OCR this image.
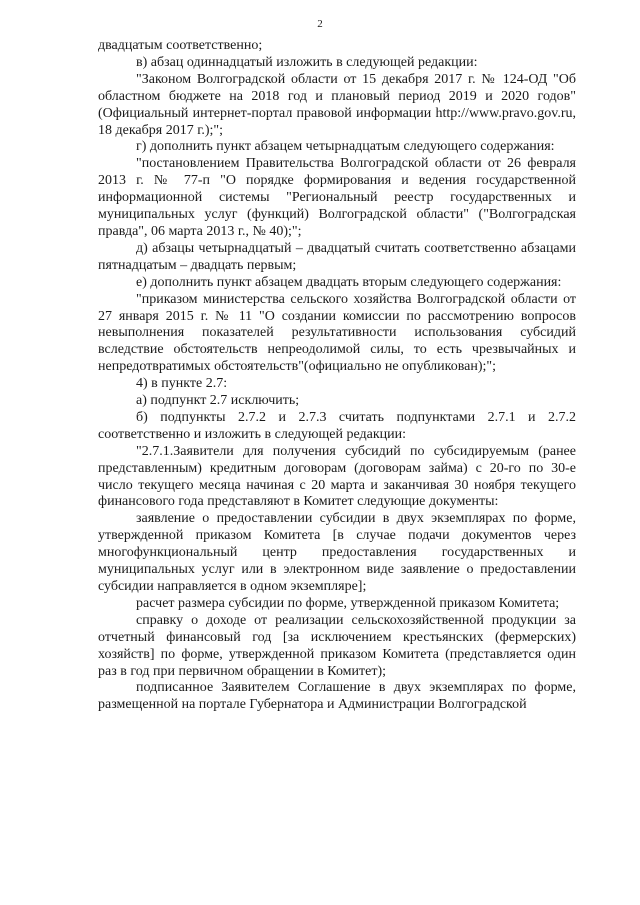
2

двадцатым соответственно;

в) абзац одиннадцатый изложить в следующей редакции:

"Законом Волгоградской области от 15 декабря 2017 г. № 124-ОД "Об областном бюджете на 2018 год и плановый период 2019 и 2020 годов" (Официальный интернет-портал правовой информации http://www.pravo.gov.ru, 18 декабря 2017 г.);";

г) дополнить пункт абзацем четырнадцатым следующего содержания:

"постановлением Правительства Волгоградской области от 26 февраля 2013 г. № 77-п "О порядке формирования и ведения государственной информационной системы "Региональный реестр государственных и муниципальных услуг (функций) Волгоградской области" ("Волгоградская правда", 06 марта 2013 г., № 40);";

д) абзацы четырнадцатый – двадцатый считать соответственно абзацами пятнадцатым – двадцать первым;

е) дополнить пункт абзацем двадцать вторым следующего содержания:

"приказом министерства сельского хозяйства Волгоградской области от 27 января 2015 г. № 11 "О создании комиссии по рассмотрению вопросов невыполнения показателей результативности использования субсидий вследствие обстоятельств непреодолимой силы, то есть чрезвычайных и непредотвратимых обстоятельств"(официально не опубликован);";

4) в пункте 2.7:

а) подпункт 2.7 исключить;

б) подпункты 2.7.2 и 2.7.3 считать подпунктами 2.7.1 и 2.7.2 соответственно и изложить в следующей редакции:

"2.7.1.Заявители для получения субсидий по субсидируемым (ранее представленным) кредитным договорам (договорам займа) с 20-го по 30-е число текущего месяца начиная с 20 марта и заканчивая 30 ноября текущего финансового года представляют в Комитет следующие документы:

заявление о предоставлении субсидии в двух экземплярах по форме, утвержденной приказом Комитета [в случае подачи документов через многофункциональный центр предоставления государственных и муниципальных услуг или в электронном виде заявление о предоставлении субсидии направляется в одном экземпляре];

расчет размера субсидии по форме, утвержденной приказом Комитета;

справку о доходе от реализации сельскохозяйственной продукции за отчетный финансовый год [за исключением крестьянских (фермерских) хозяйств] по форме, утвержденной приказом Комитета (представляется один раз в год при первичном обращении в Комитет);

подписанное Заявителем Соглашение в двух экземплярах по форме, размещенной на портале Губернатора и Администрации Волгоградской
